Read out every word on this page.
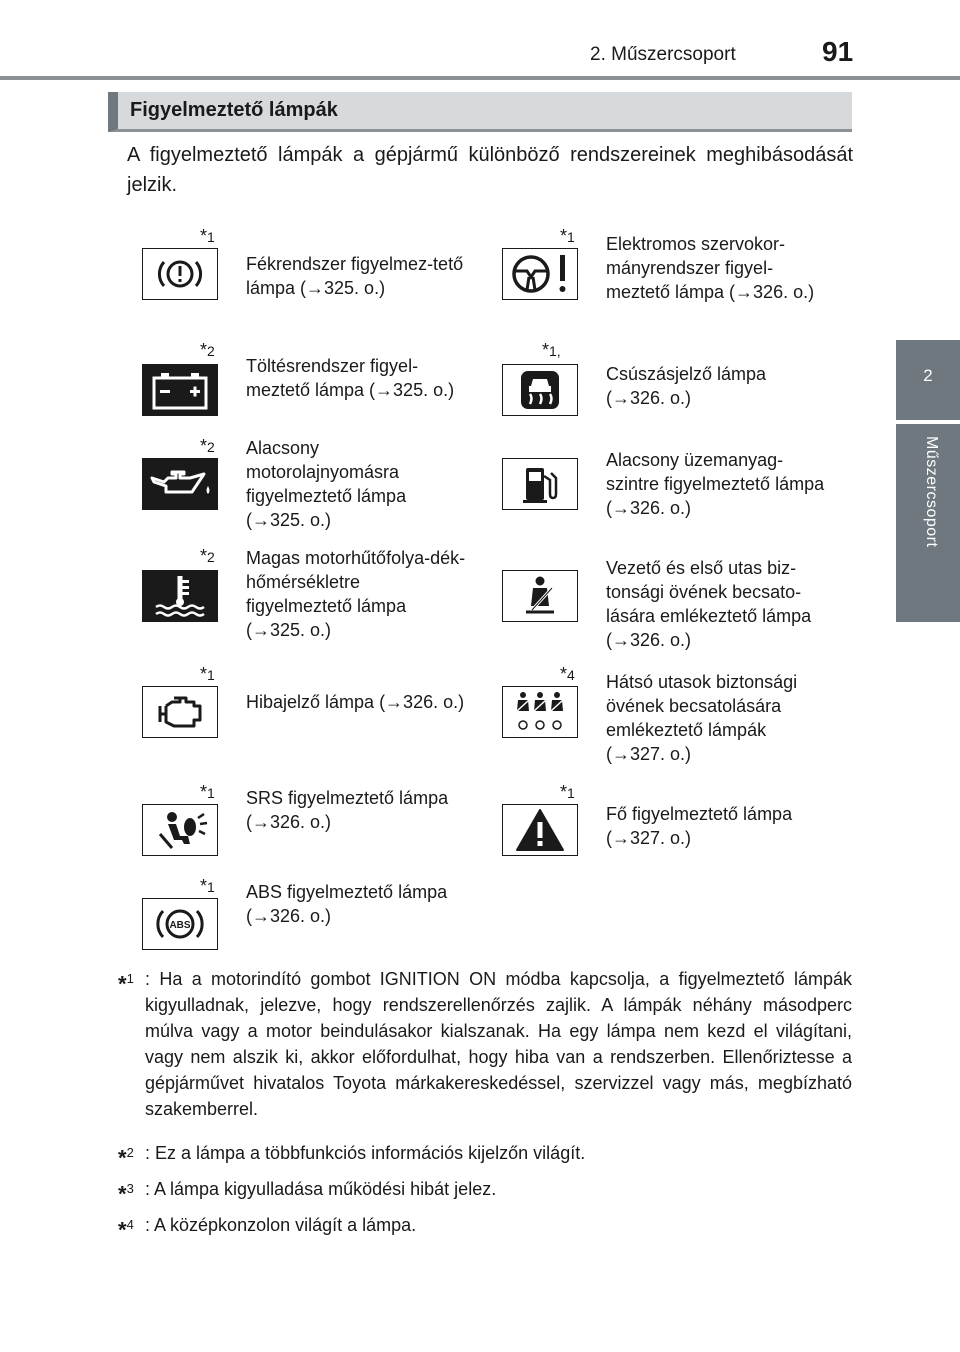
2. Műszercsoport	91
2
Műszercsoport
Figyelmeztető lámpák
A figyelmeztető lámpák a gépjármű különböző rendszereinek meghibásodását jelzik.
*1
Fékrendszer figyelmez-tető lámpa (→325. o.)
*2
Töltésrendszer figyel-meztető lámpa (→325. o.)
*2 Alacsony motorolajnyomásra figyelmeztető lámpa (→325. o.)
*2 Magas motorhűtőfolya-dék-hőmérsékletre figyelmeztető lámpa (→325. o.)
*1
Hibajelző lámpa (→326. o.)
*1 SRS figyelmeztető lámpa (→326. o.)
*1
ABS
ABS figyelmeztető lámpa (→326. o.)
*1 Elektromos szervokor-mányrendszer figyel-meztető lámpa (→326. o.)
*1,
Csúszásjelző lámpa (→326. o.)
Alacsony üzemanyag-szintre figyelmeztető lámpa (→326. o.)
Vezető és első utas biz-tonsági övének becsato-lására emlékeztető lámpa (→326. o.)
*4 Hátsó utasok biztonsági övének becsatolására emlékeztető lámpák (→327. o.)
*1
Fő figyelmeztető lámpa (→327. o.)
*$^1$ : Ha a motorindító gombot IGNITION ON módba kapcsolja, a figyelmeztető lámpák kigyulladnak, jelezve, hogy rendszerellenőrzés zajlik. A lámpák néhány másodperc múlva vagy a motor beindulásakor kialszanak. Ha egy lámpa nem kezd el világítani, vagy nem alszik ki, akkor előfordulhat, hogy hiba van a rendszerben. Ellenőriztesse a gépjárművet hivatalos Toyota márkakereskedéssel, szervizzel vagy más, megbízható szakemberrel.
*$^2$ : Ez a lámpa a többfunkciós információs kijelzőn világít.
*$^3$ : A lámpa kigyulladása működési hibát jelez.
*$^4$ : A középkonzolon világít a lámpa.
